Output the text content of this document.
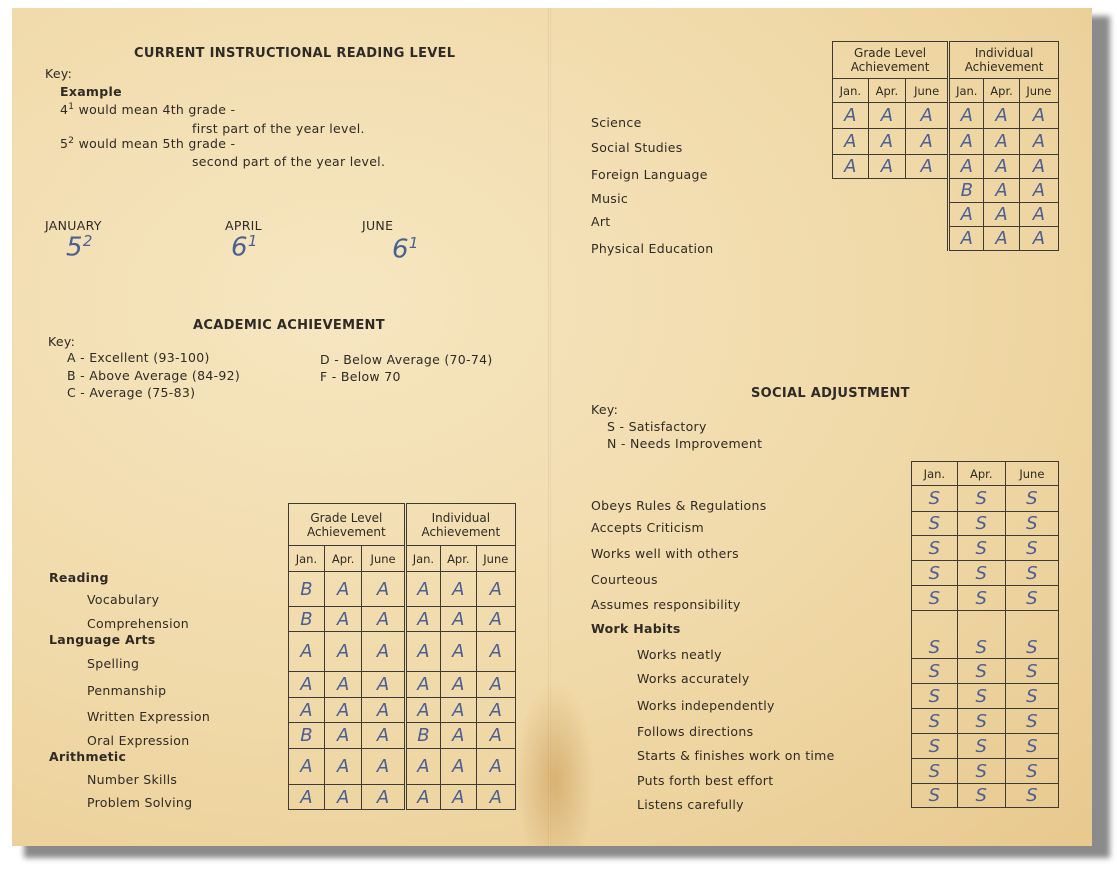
CURRENT INSTRUCTIONAL READING LEVEL
Key:
Example
$4^1$ would mean 4th grade -
first part of the year level.
$5^2$ would mean 5th grade -
second part of the year level.
JANUARY
$5^2$
APRIL
$6^1$
JUNE
$6^1$
ACADEMIC ACHIEVEMENT
Key:
A - Excellent (93-100)
B - Above Average (84-92)
C - Average (75-83)
D - Below Average (70-74)
F - Below 70
Reading
Vocabulary
Comprehension
Language Arts
Spelling
Penmanship
Written Expression
Oral Expression
Arithmetic
Number Skills
Problem Solving
Grade Level Achievement			Individual Achievement		
Jan.	Apr.	June	Jan.	Apr.	June
B	A	A	A	A	A
B	A	A	A	A	A
A	A	A	A	A	A
A	A	A	A	A	A
A	A	A	A	A	A
B	A	A	B	A	A
A	A	A	A	A	A
A	A	A	A	A	A
Science
Social Studies
Foreign Language
Music
Art
Physical Education
Grade Level Achievement			Individual Achievement		
Jan.	Apr.	June	Jan.	Apr.	June
A	A	A	A	A	A
A	A	A	A	A	A
A	A	A	A	A	A
			B	A	A
			A	A	A
			A	A	A
SOCIAL ADJUSTMENT
Key:
S - Satisfactory
N - Needs Improvement
Obeys Rules & Regulations
Accepts Criticism
Works well with others
Courteous
Assumes responsibility
Work Habits
Works neatly
Works accurately
Works independently
Follows directions
Starts & finishes work on time
Puts forth best effort
Listens carefully
Jan.	Apr.	June
S	S	S
S	S	S
S	S	S
S	S	S
S	S	S
S	S	S
S	S	S
S	S	S
S	S	S
S	S	S
S	S	S
S	S	S
